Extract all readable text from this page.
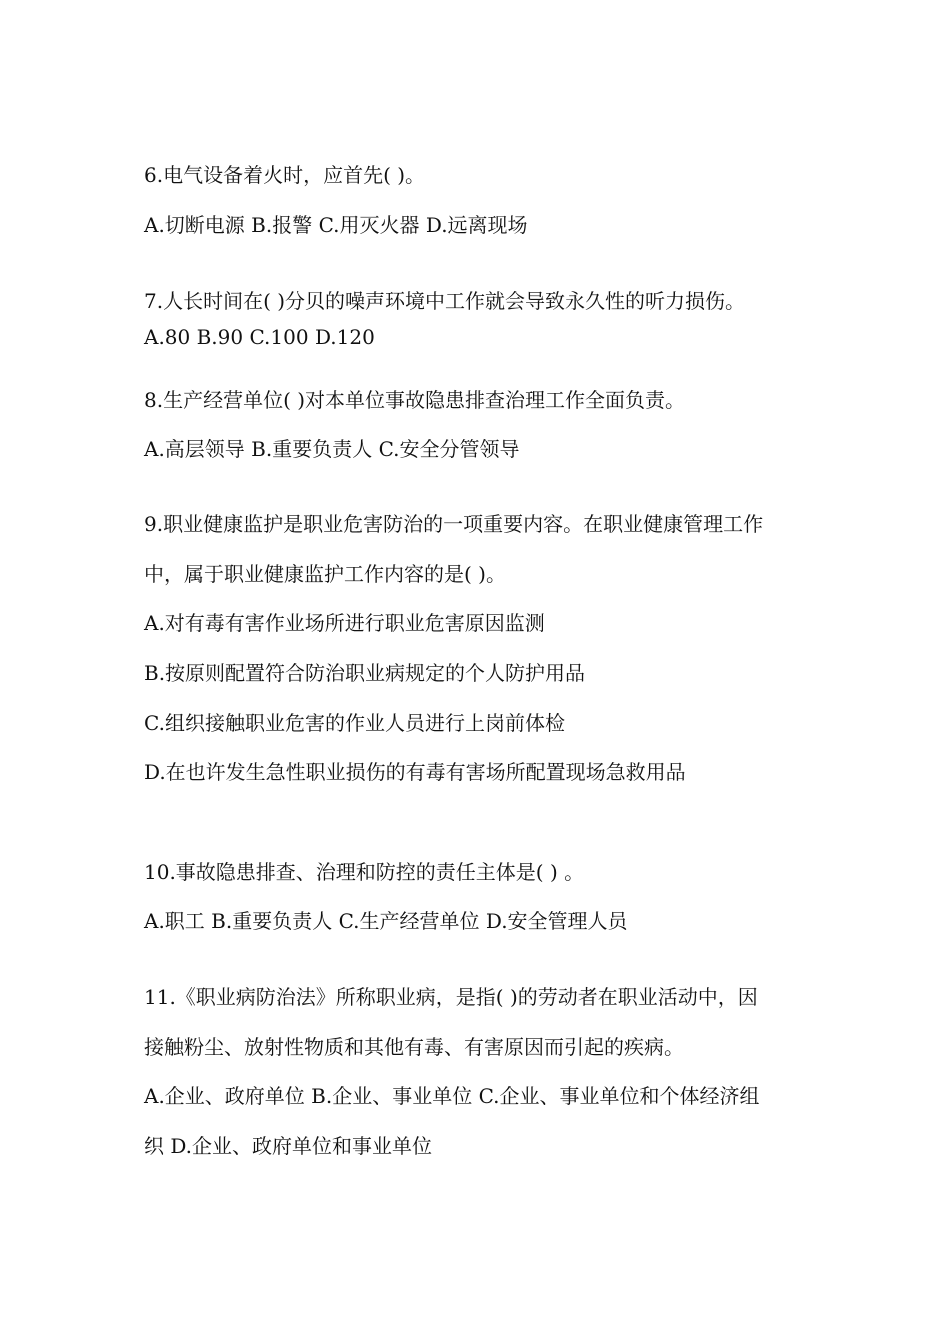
6.电气设备着火时，应首先( )。
A.切断电源 B.报警 C.用灭火器 D.远离现场
7.人长时间在( )分贝的噪声环境中工作就会导致永久性的听力损伤。
A.80 B.90 C.100 D.120
8.生产经营单位( )对本单位事故隐患排查治理工作全面负责。
A.高层领导 B.重要负责人 C.安全分管领导
9.职业健康监护是职业危害防治的一项重要内容。在职业健康管理工作
中，属于职业健康监护工作内容的是( )。
A.对有毒有害作业场所进行职业危害原因监测
B.按原则配置符合防治职业病规定的个人防护用品
C.组织接触职业危害的作业人员进行上岗前体检
D.在也许发生急性职业损伤的有毒有害场所配置现场急救用品
10.事故隐患排查、治理和防控的责任主体是( ) 。
A.职工 B.重要负责人 C.生产经营单位 D.安全管理人员
11.《职业病防治法》所称职业病，是指( )的劳动者在职业活动中，因
接触粉尘、放射性物质和其他有毒、有害原因而引起的疾病。
A.企业、政府单位 B.企业、事业单位 C.企业、事业单位和个体经济组
织 D.企业、政府单位和事业单位
